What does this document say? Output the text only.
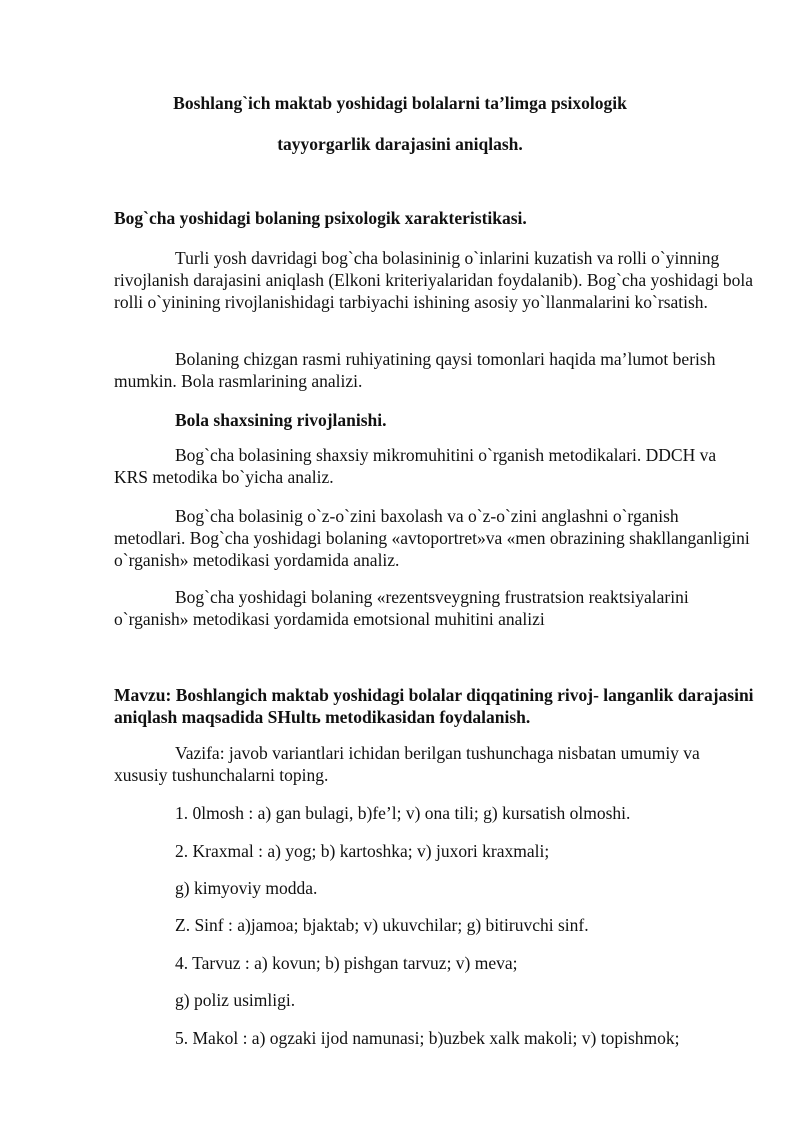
Boshlang`ich maktab yoshidagi bolalarni ta’limga psixologik
tayyorgarlik darajasini aniqlash.
Bog`cha yoshidagi bolaning psixologik xarakteristikasi.
Turli yosh davridagi bog`cha bolasininig o`inlarini kuzatish va rolli o`yinning rivojlanish darajasini aniqlash (Elkoni kriteriyalaridan foydalanib). Bog`cha yoshidagi bola rolli o`yinining rivojlanishidagi tarbiyachi ishining asosiy yo`llanmalarini ko`rsatish.
Bolaning chizgan rasmi ruhiyatining qaysi tomonlari haqida ma’lumot berish mumkin. Bola rasmlarining analizi.
Bola shaxsining rivojlanishi.
Bog`cha bolasining shaxsiy mikromuhitini o`rganish metodikalari. DDCH va KRS metodika bo`yicha analiz.
Bog`cha bolasinig o`z-o`zini baxolash va o`z-o`zini anglashni o`rganish metodlari. Bog`cha yoshidagi bolaning «avtoportret»va «men obrazining shakllanganligini o`rganish» metodikasi yordamida analiz.
Bog`cha yoshidagi bolaning «rezentsveygning frustratsion reaktsiyalarini o`rganish» metodikasi yordamida emotsional muhitini analizi
Mavzu: Boshlangich maktab yoshidagi bolalar diqqatining rivoj- langanlik darajasini aniqlash maqsadida SHultь metodikasidan foydalanish.
Vazifa: javob variantlari ichidan berilgan tushunchaga nisbatan umumiy va xususiy tushunchalarni toping.
1. 0lmosh : a) gan bulagi, b)fe’l; v) ona tili; g) kursatish olmoshi.
2. Kraxmal : a) yog; b) kartoshka; v) juxori kraxmali;
g) kimyoviy modda.
Z. Sinf : a)jamoa; bjaktab; v) ukuvchilar; g) bitiruvchi sinf.
4. Tarvuz : a) kovun; b) pishgan tarvuz; v) meva;
g) poliz usimligi.
5. Makol : a) ogzaki ijod namunasi; b)uzbek xalk makoli; v) topishmok;
